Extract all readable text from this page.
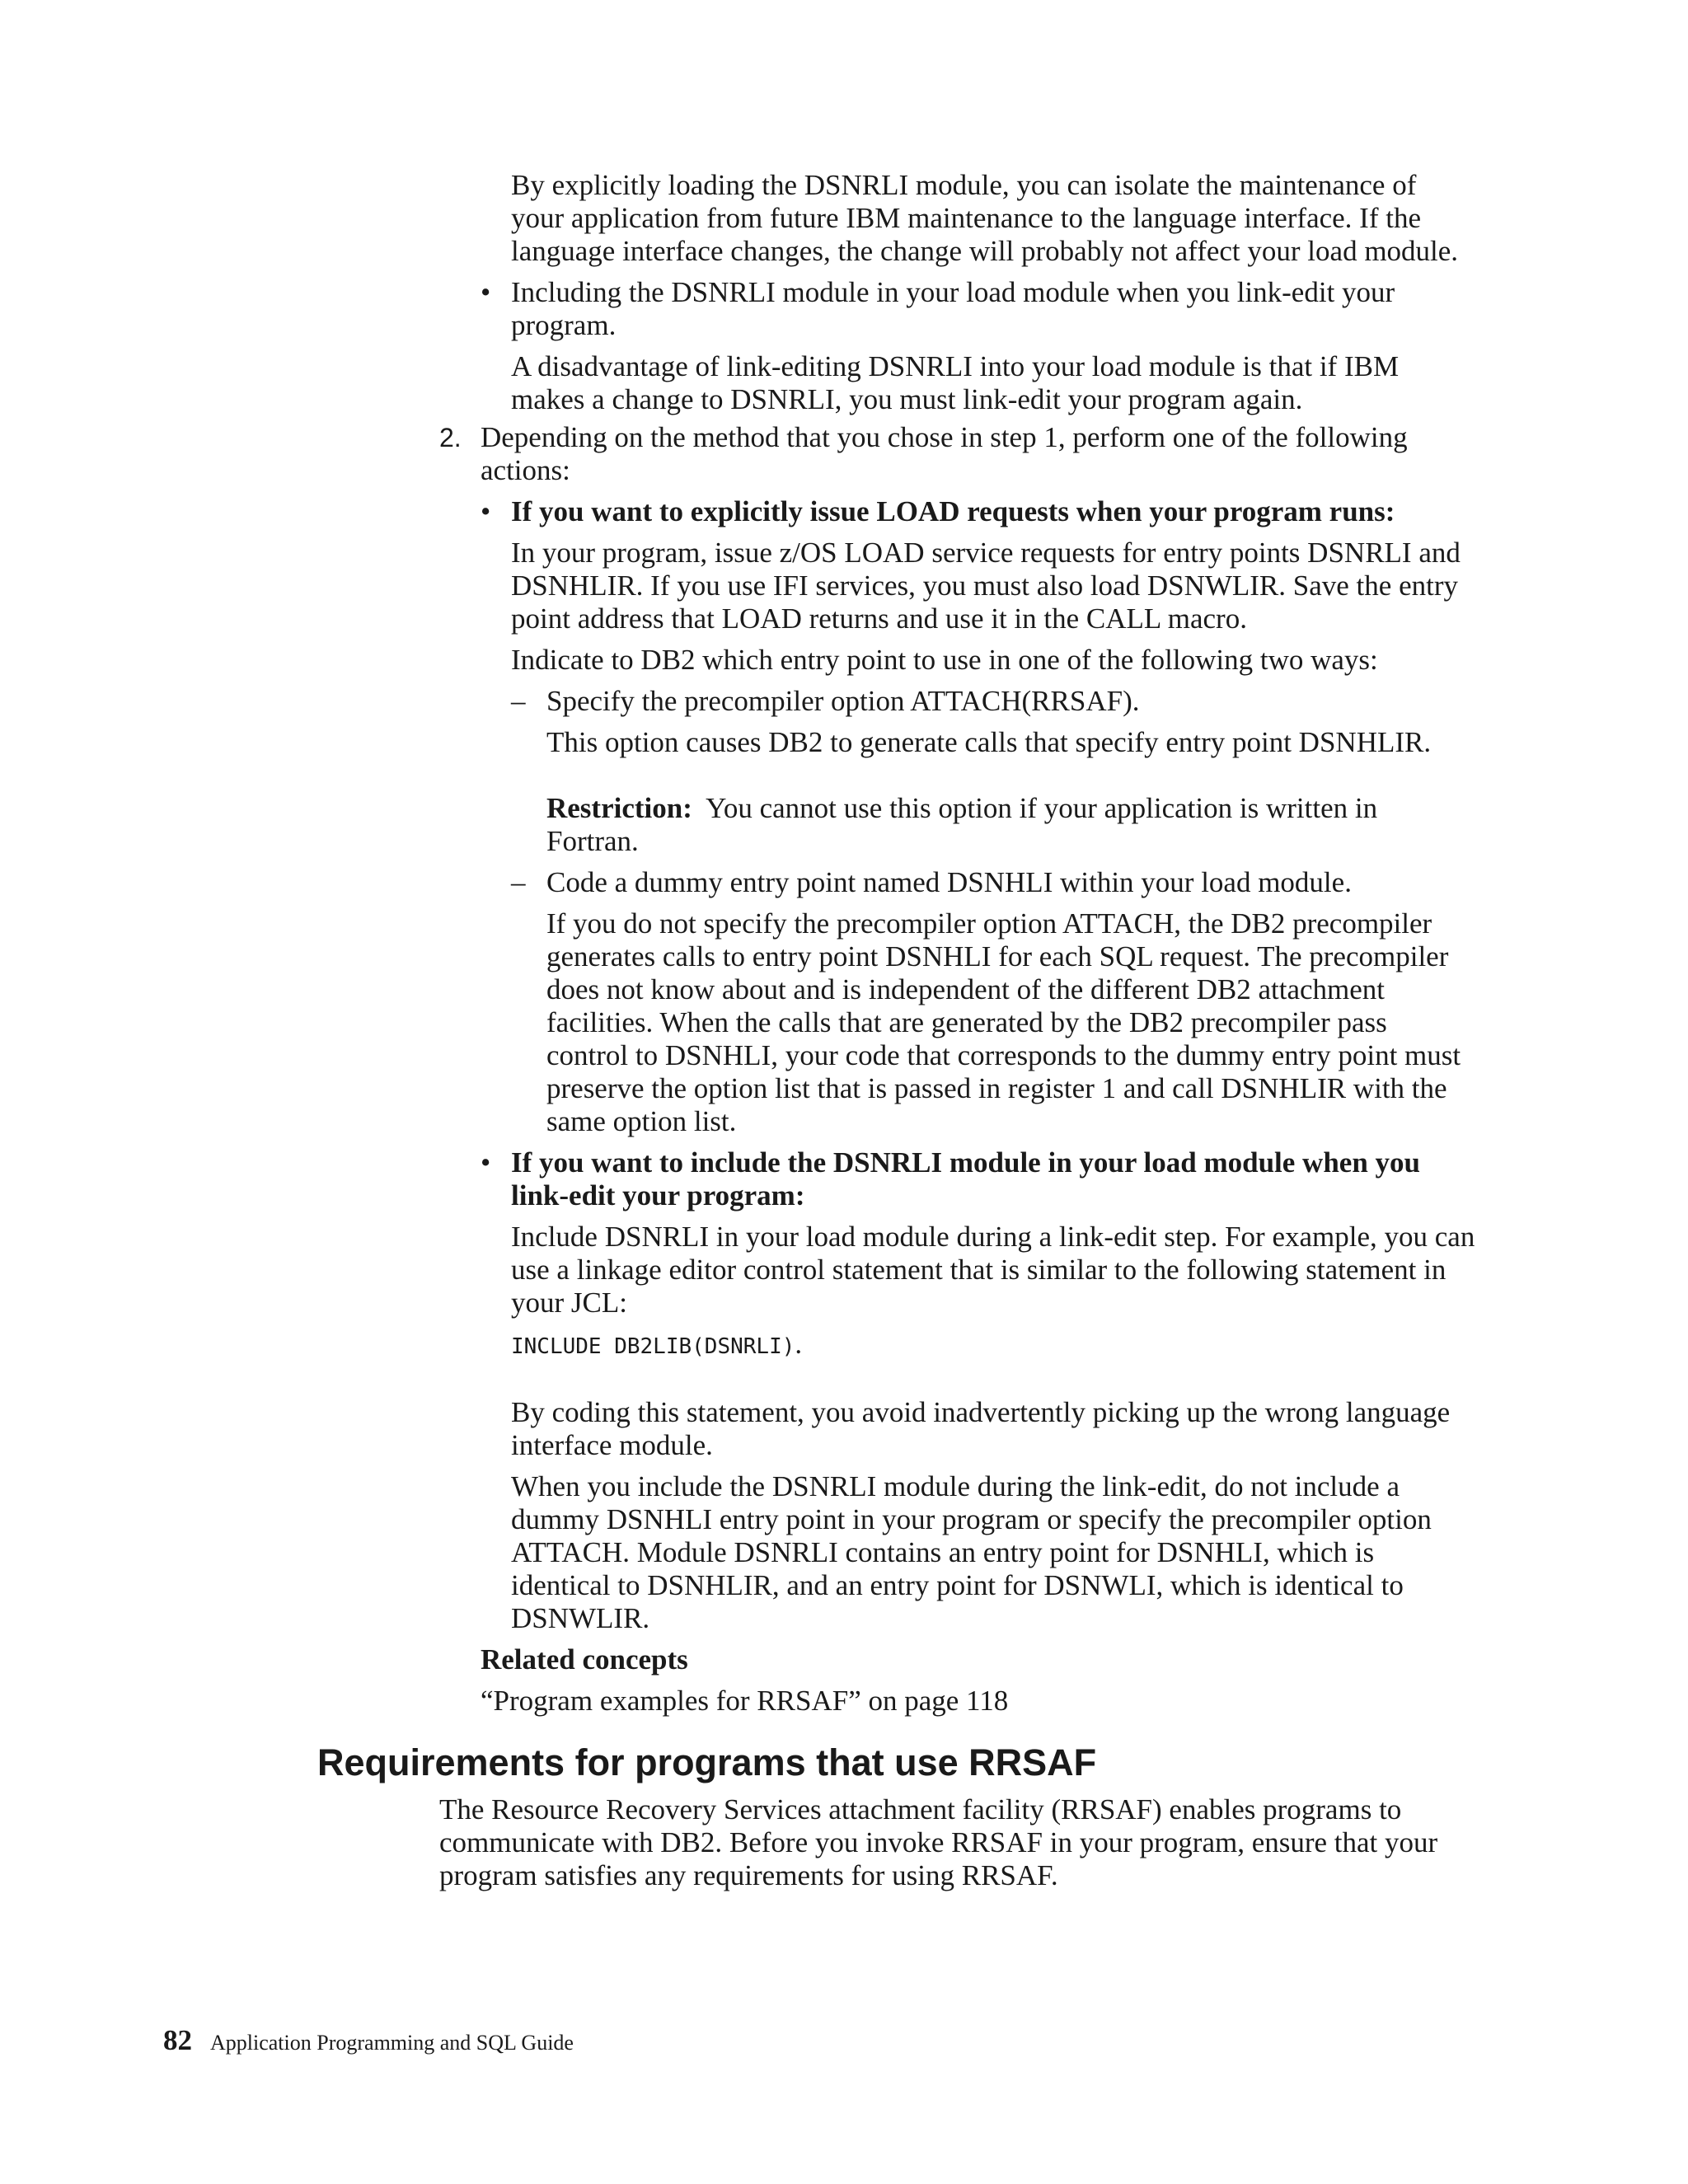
By explicitly loading the DSNRLI module, you can isolate the maintenance of your application from future IBM maintenance to the language interface. If the language interface changes, the change will probably not affect your load module.

• Including the DSNRLI module in your load module when you link-edit your program.

A disadvantage of link-editing DSNRLI into your load module is that if IBM makes a change to DSNRLI, you must link-edit your program again.

2. Depending on the method that you chose in step 1, perform one of the following actions:

• If you want to explicitly issue LOAD requests when your program runs:

In your program, issue z/OS LOAD service requests for entry points DSNRLI and DSNHLIR. If you use IFI services, you must also load DSNWLIR. Save the entry point address that LOAD returns and use it in the CALL macro.

Indicate to DB2 which entry point to use in one of the following two ways:

– Specify the precompiler option ATTACH(RRSAF).

This option causes DB2 to generate calls that specify entry point DSNHLIR.

Restriction: You cannot use this option if your application is written in Fortran.

– Code a dummy entry point named DSNHLI within your load module.

If you do not specify the precompiler option ATTACH, the DB2 precompiler generates calls to entry point DSNHLI for each SQL request. The precompiler does not know about and is independent of the different DB2 attachment facilities. When the calls that are generated by the DB2 precompiler pass control to DSNHLI, your code that corresponds to the dummy entry point must preserve the option list that is passed in register 1 and call DSNHLIR with the same option list.

• If you want to include the DSNRLI module in your load module when you link-edit your program:

Include DSNRLI in your load module during a link-edit step. For example, you can use a linkage editor control statement that is similar to the following statement in your JCL:

INCLUDE DB2LIB(DSNRLI).

By coding this statement, you avoid inadvertently picking up the wrong language interface module.

When you include the DSNRLI module during the link-edit, do not include a dummy DSNHLI entry point in your program or specify the precompiler option ATTACH. Module DSNRLI contains an entry point for DSNHLI, which is identical to DSNHLIR, and an entry point for DSNWLI, which is identical to DSNWLIR.

Related concepts

“Program examples for RRSAF” on page 118

Requirements for programs that use RRSAF

The Resource Recovery Services attachment facility (RRSAF) enables programs to communicate with DB2. Before you invoke RRSAF in your program, ensure that your program satisfies any requirements for using RRSAF.

82 Application Programming and SQL Guide
